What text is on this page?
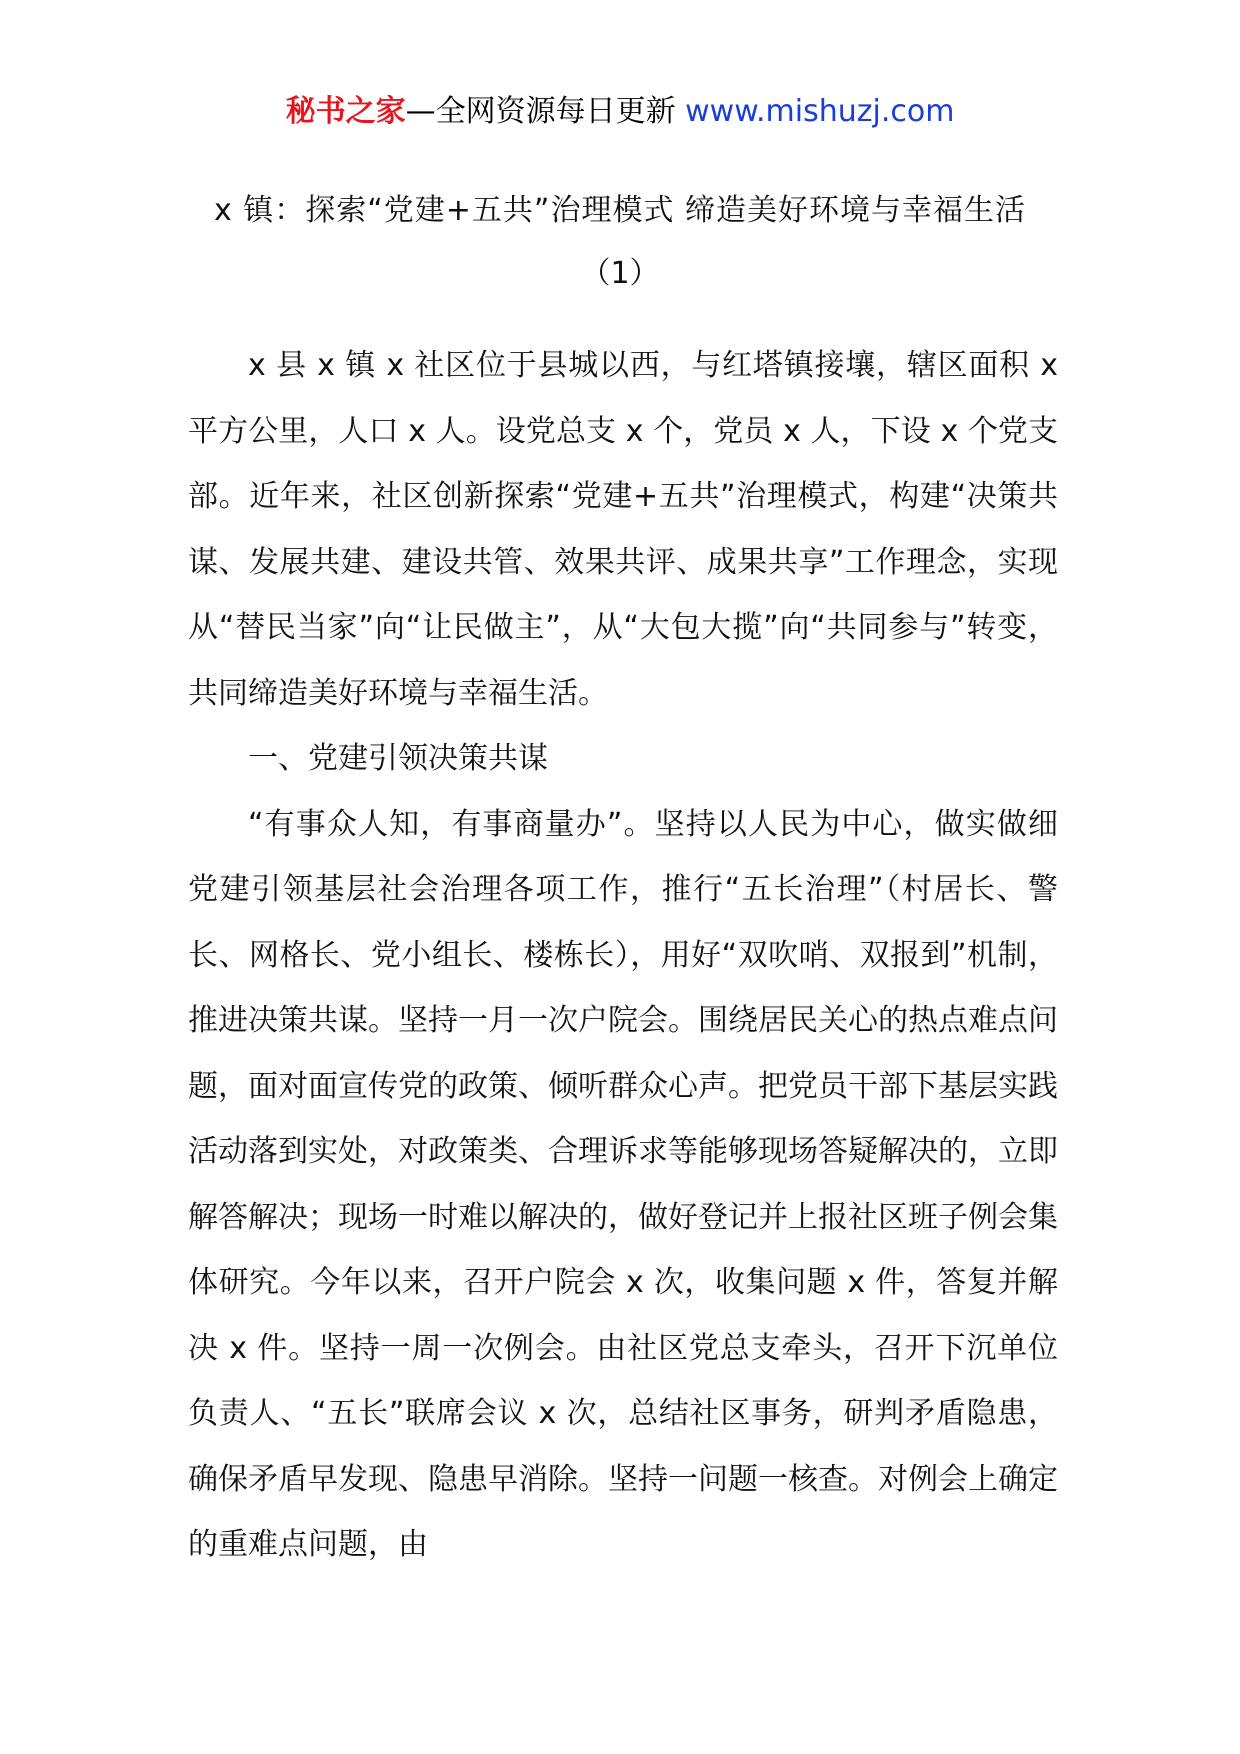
秘书之家—全网资源每日更新 www.mishuzj.com
x 镇：探索“党建+五共”治理模式 缔造美好环境与幸福生活
（1）

x 县 x 镇 x 社区位于县城以西，与红塔镇接壤，辖区面积 x 平方公里，人口 x 人。设党总支 x 个，党员 x 人，下设 x 个党支部。近年来，社区创新探索“党建+五共”治理模式，构建“决策共谋、发展共建、建设共管、效果共评、成果共享”工作理念，实现从“替民当家”向“让民做主”，从“大包大揽”向“共同参与”转变，共同缔造美好环境与幸福生活。

一、党建引领决策共谋

“有事众人知，有事商量办”。坚持以人民为中心，做实做细党建引领基层社会治理各项工作，推行“五长治理”（村居长、警长、网格长、党小组长、楼栋长），用好“双吹哨、双报到”机制，推进决策共谋。坚持一月一次户院会。围绕居民关心的热点难点问题，面对面宣传党的政策、倾听群众心声。把党员干部下基层实践活动落到实处，对政策类、合理诉求等能够现场答疑解决的，立即解答解决；现场一时难以解决的，做好登记并上报社区班子例会集体研究。今年以来，召开户院会 x 次，收集问题 x 件，答复并解决 x 件。坚持一周一次例会。由社区党总支牵头，召开下沉单位负责人、“五长”联席会议 x 次，总结社区事务，研判矛盾隐患，确保矛盾早发现、隐患早消除。坚持一问题一核查。对例会上确定的重难点问题，由
